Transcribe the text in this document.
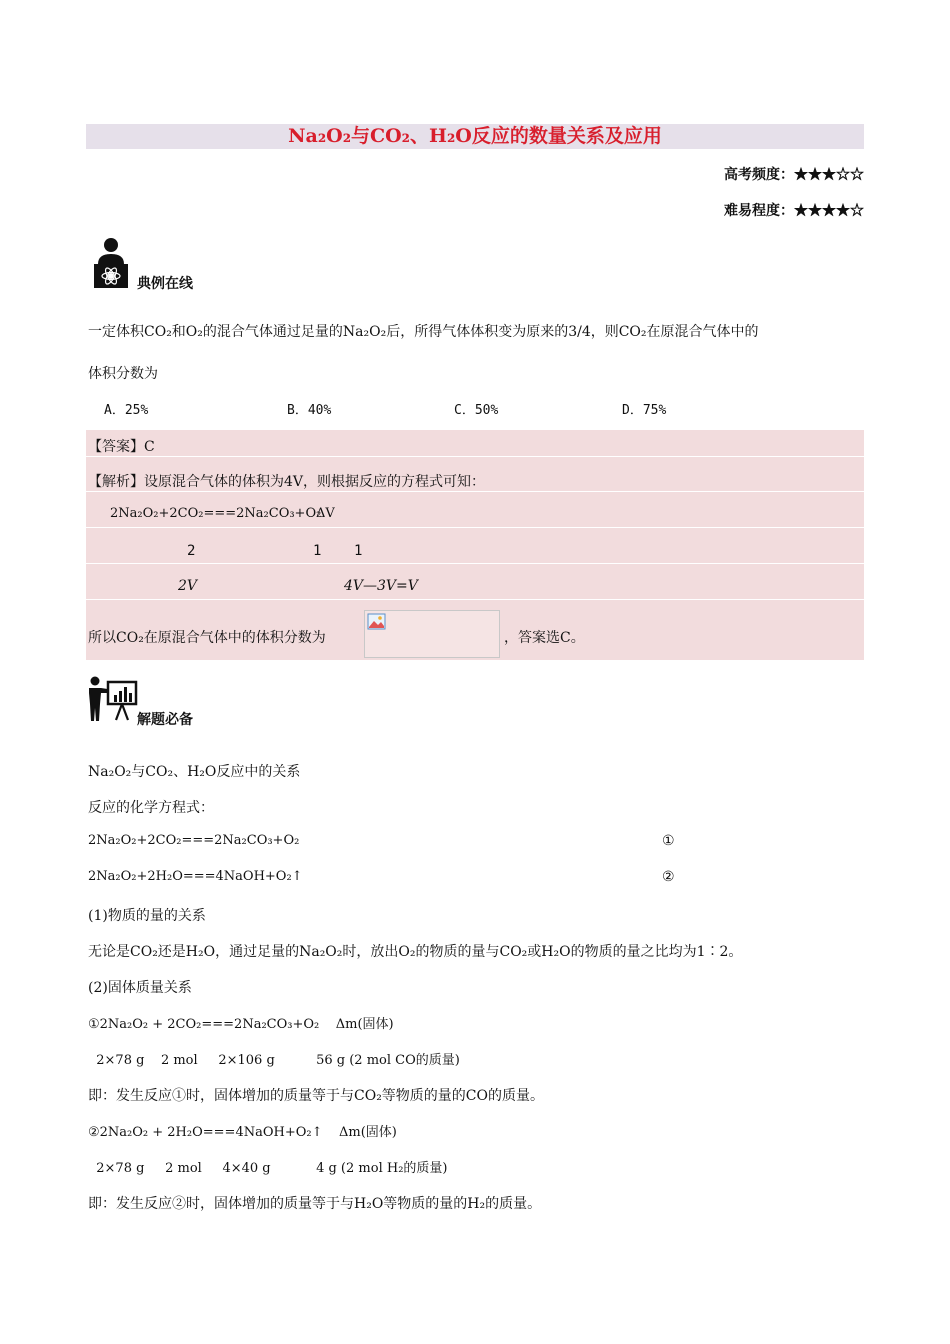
Na₂O₂与CO₂、H₂O反应的数量关系及应用
高考频度：★★★☆☆
难易程度：★★★★☆
典例在线
一定体积CO₂和O₂的混合气体通过足量的Na₂O₂后，所得气体体积变为原来的3/4，则CO₂在原混合气体中的
体积分数为
A．25%	B．40%	C．50%	D．75%
【答案】C
【解析】设原混合气体的体积为4V，则根据反应的方程式可知：
2Na₂O₂+2CO₂===2Na₂CO₃+O₂
ΔV
2	1 1
2V	4V—3V=V
所以CO₂在原混合气体中的体积分数为	，答案选C。
解题必备
Na₂O₂与CO₂、H₂O反应中的关系
反应的化学方程式：
2Na₂O₂+2CO₂===2Na₂CO₃+O₂	①
2Na₂O₂+2H₂O===4NaOH+O₂↑	②
(1)物质的量的关系
无论是CO₂还是H₂O，通过足量的Na₂O₂时，放出O₂的物质的量与CO₂或H₂O的物质的量之比均为1∶2。
(2)固体质量关系
①2Na₂O₂ + 2CO₂===2Na₂CO₃+O₂    Δm(固体)
2×78 g    2 mol     2×106 g          56 g (2 mol CO的质量)
即：发生反应①时，固体增加的质量等于与CO₂等物质的量的CO的质量。
②2Na₂O₂ + 2H₂O===4NaOH+O₂↑    Δm(固体)
2×78 g     2 mol     4×40 g           4 g (2 mol H₂的质量)
即：发生反应②时，固体增加的质量等于与H₂O等物质的量的H₂的质量。
